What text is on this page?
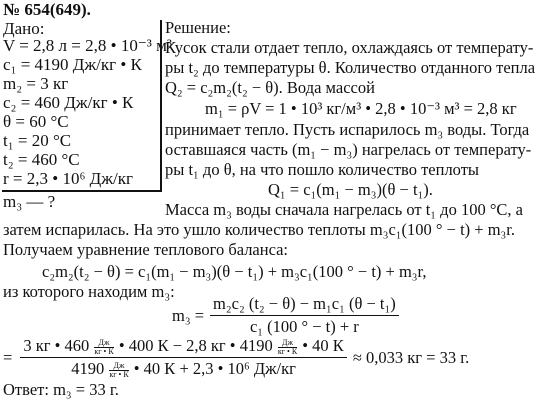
№ 654(649).
Дано:
V = 2,8 л = 2,8 • 10⁻³ м³
c₁ = 4190 Дж/кг • К
m₂ = 3 кг
c₂ = 460 Дж/кг • К
θ = 60 °С
t₁ = 20 °С
t₂ = 460 °С
r = 2,3 • 10⁶ Дж/кг
m₃ — ?
Решение:
Кусок стали отдает тепло, охлаждаясь от температу-
ры t₂ до температуры θ. Количество отданного тепла
Q₂ = c₂m₂(t₂ − θ). Вода массой
m₁ = ρV = 1 • 10³ кг/м³ • 2,8 • 10⁻³ м³ = 2,8 кг
принимает тепло. Пусть испарилось m₃ воды. Тогда
оставшаяся часть (m₁ − m₃) нагрелась от температу-
ры t₁ до θ, на что пошло количество теплоты
Q₁ = c₁(m₁ − m₃)(θ − t₁).
Масса m₃ воды сначала нагрелась от t₁ до 100 °С, а
затем испарилась. На это ушло количество теплоты m₃c₁(100 ° − t) + m₃r.
Получаем уравнение теплового баланса:
c₂m₂(t₂ − θ) = c₁(m₁ − m₃)(θ − t₁) + m₃c₁(100 ° − t) + m₃r,
из которого находим m₃:
$m_3 = \frac{\text{m₂c₂ (t₂ − θ) − m₁c₁ (θ − t₁)}}{\text{c₁ (100 ° − t) + r}}$
= $\frac{3 кг • 460 \frac{Дж}{кг • К} • 400 К - 2,8 кг • 4190 \frac{Дж}{кг • К} • 40 К}{4190 \frac{Дж}{кг • К} • 40 К + 2,3 • 10^6 Дж/кг} \approx 0,033$ кг = 33 г.
Ответ: m₃ = 33 г.
